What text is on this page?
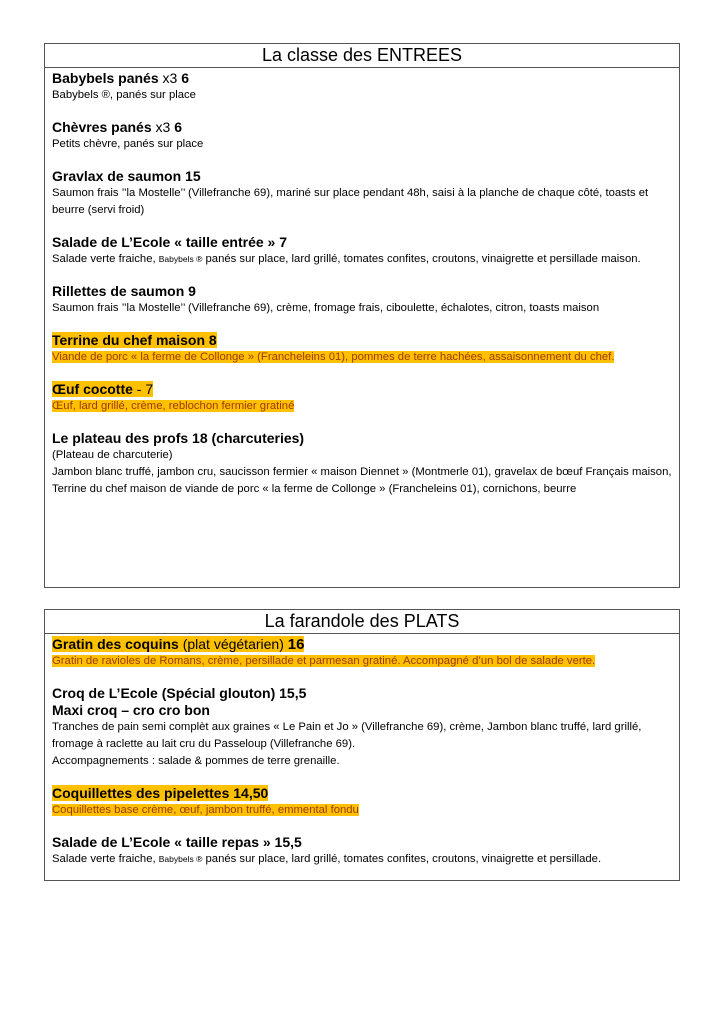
La classe des ENTREES
Babybels panés x3 6
Babybels ®, panés sur place
Chèvres panés x3 6
Petits chèvre, panés sur place
Gravlax de saumon 15
Saumon frais ’’la Mostelle’’ (Villefranche 69), mariné sur place pendant 48h, saisi à la planche de chaque côté, toasts et beurre (servi froid)
Salade de L’Ecole « taille entrée » 7
Salade verte fraiche, Babybels ® panés sur place, lard grillé, tomates confites, croutons, vinaigrette et persillade maison.
Rillettes de saumon 9
Saumon frais ’’la Mostelle’’ (Villefranche 69), crème, fromage frais, ciboulette, échalotes, citron, toasts maison
Terrine du chef maison 8
Viande de porc « la ferme de Collonge » (Francheleins 01), pommes de terre hachées, assaisonnement du chef.
Œuf cocotte - 7
Œuf, lard grillé, crème, reblochon fermier gratiné
Le plateau des profs 18 (charcuteries)
(Plateau de charcuterie)
Jambon blanc truffé, jambon cru, saucisson fermier « maison Diennet » (Montmerle 01), gravelax de bœuf Français maison, Terrine du chef maison de viande de porc « la ferme de Collonge » (Francheleins 01), cornichons, beurre
La farandole des PLATS
Gratin des coquins (plat végétarien) 16
Gratin de ravioles de Romans, crème, persillade et parmesan gratiné. Accompagné d’un bol de salade verte.
Croq de L’Ecole (Spécial glouton) 15,5
Maxi croq – cro cro bon
Tranches de pain semi complèt aux graines « Le Pain et Jo » (Villefranche 69), crème, Jambon blanc truffé, lard grillé, fromage à raclette au lait cru du Passeloup (Villefranche 69).
Accompagnements : salade & pommes de terre grenaille.
Coquillettes des pipelettes 14,50
Coquillettes base crème, œuf, jambon truffé, emmental fondu
Salade de L’Ecole « taille repas » 15,5
Salade verte fraiche, Babybels ® panés sur place, lard grillé, tomates confites, croutons, vinaigrette et persillade.
